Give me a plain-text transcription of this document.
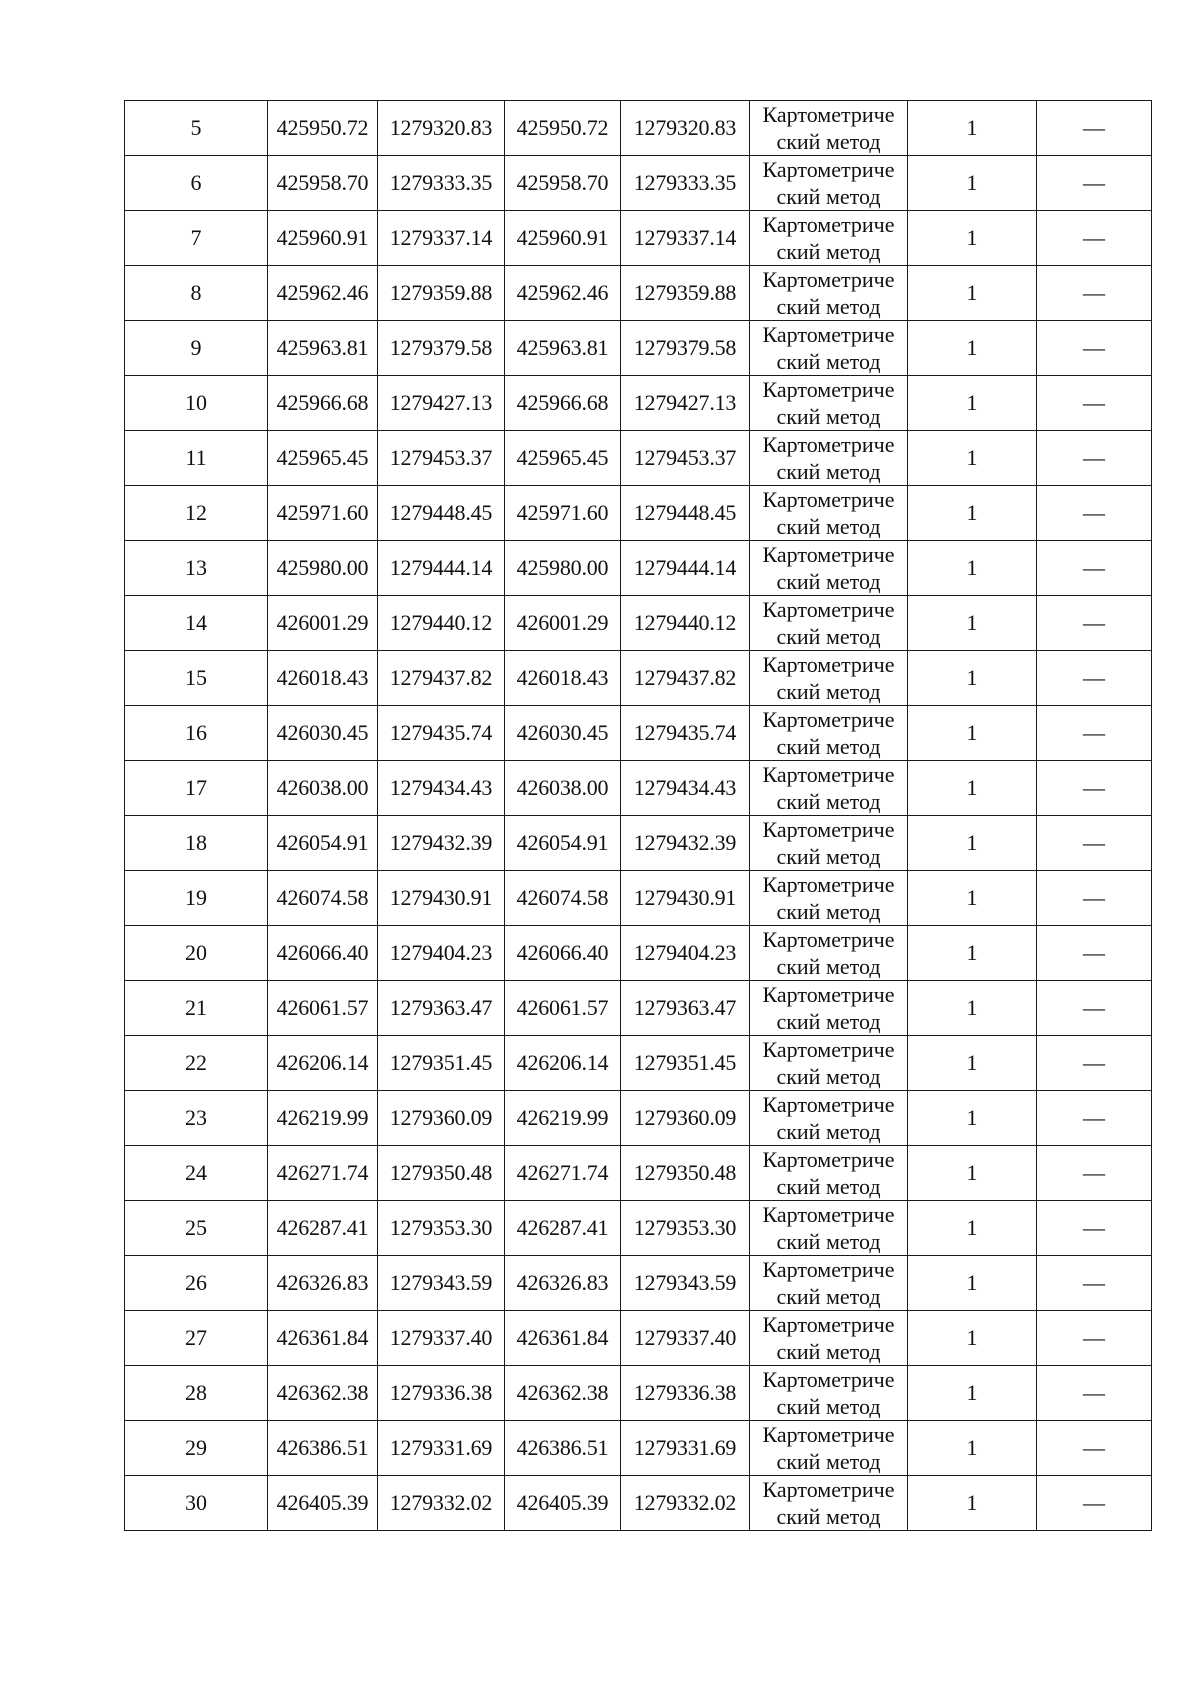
5	425950.72	1279320.83	425950.72	1279320.83	Картометриче
ский метод	1	—
6	425958.70	1279333.35	425958.70	1279333.35	Картометриче
ский метод	1	—
7	425960.91	1279337.14	425960.91	1279337.14	Картометриче
ский метод	1	—
8	425962.46	1279359.88	425962.46	1279359.88	Картометриче
ский метод	1	—
9	425963.81	1279379.58	425963.81	1279379.58	Картометриче
ский метод	1	—
10	425966.68	1279427.13	425966.68	1279427.13	Картометриче
ский метод	1	—
11	425965.45	1279453.37	425965.45	1279453.37	Картометриче
ский метод	1	—
12	425971.60	1279448.45	425971.60	1279448.45	Картометриче
ский метод	1	—
13	425980.00	1279444.14	425980.00	1279444.14	Картометриче
ский метод	1	—
14	426001.29	1279440.12	426001.29	1279440.12	Картометриче
ский метод	1	—
15	426018.43	1279437.82	426018.43	1279437.82	Картометриче
ский метод	1	—
16	426030.45	1279435.74	426030.45	1279435.74	Картометриче
ский метод	1	—
17	426038.00	1279434.43	426038.00	1279434.43	Картометриче
ский метод	1	—
18	426054.91	1279432.39	426054.91	1279432.39	Картометриче
ский метод	1	—
19	426074.58	1279430.91	426074.58	1279430.91	Картометриче
ский метод	1	—
20	426066.40	1279404.23	426066.40	1279404.23	Картометриче
ский метод	1	—
21	426061.57	1279363.47	426061.57	1279363.47	Картометриче
ский метод	1	—
22	426206.14	1279351.45	426206.14	1279351.45	Картометриче
ский метод	1	—
23	426219.99	1279360.09	426219.99	1279360.09	Картометриче
ский метод	1	—
24	426271.74	1279350.48	426271.74	1279350.48	Картометриче
ский метод	1	—
25	426287.41	1279353.30	426287.41	1279353.30	Картометриче
ский метод	1	—
26	426326.83	1279343.59	426326.83	1279343.59	Картометриче
ский метод	1	—
27	426361.84	1279337.40	426361.84	1279337.40	Картометриче
ский метод	1	—
28	426362.38	1279336.38	426362.38	1279336.38	Картометриче
ский метод	1	—
29	426386.51	1279331.69	426386.51	1279331.69	Картометриче
ский метод	1	—
30	426405.39	1279332.02	426405.39	1279332.02	Картометриче
ский метод	1	—
